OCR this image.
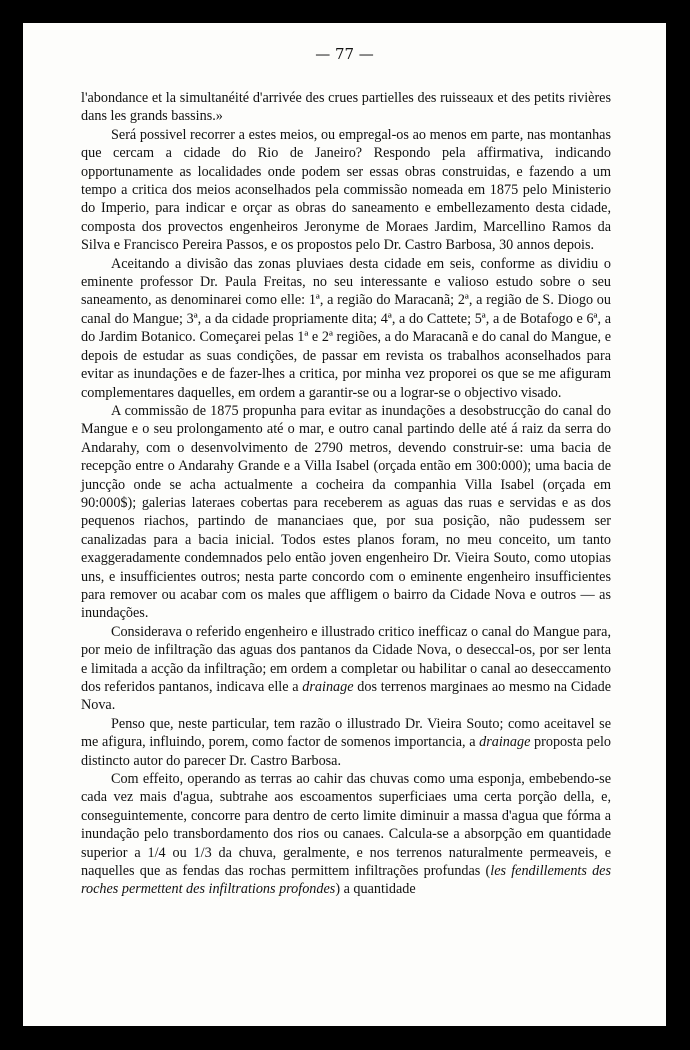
— 77 —

l'abondance et la simultanéité d'arrivée des crues partielles des ruisseaux et des petits rivières dans les grands bassins.»

Será possivel recorrer a estes meios, ou empregal-os ao menos em parte, nas montanhas que cercam a cidade do Rio de Janeiro? Respondo pela affirmativa, indicando opportunamente as localidades onde podem ser essas obras construidas, e fazendo a um tempo a critica dos meios aconselhados pela commissão nomeada em 1875 pelo Ministerio do Imperio, para indicar e orçar as obras do saneamento e embellezamento desta cidade, composta dos provectos engenheiros Jeronyme de Moraes Jardim, Marcellino Ramos da Silva e Francisco Pereira Passos, e os propostos pelo Dr. Castro Barbosa, 30 annos depois.

Aceitando a divisão das zonas pluviaes desta cidade em seis, conforme as dividiu o eminente professor Dr. Paula Freitas, no seu interessante e valioso estudo sobre o seu saneamento, as denominarei como elle: 1ª, a região do Maracanã; 2ª, a região de S. Diogo ou canal do Mangue; 3ª, a da cidade propriamente dita; 4ª, a do Cattete; 5ª, a de Botafogo e 6ª, a do Jardim Botanico. Começarei pelas 1ª e 2ª regiões, a do Maracanã e do canal do Mangue, e depois de estudar as suas condições, de passar em revista os trabalhos aconselhados para evitar as inundações e de fazer-lhes a critica, por minha vez proporei os que se me afiguram complementares daquelles, em ordem a garantir-se ou a lograr-se o objectivo visado.

A commissão de 1875 propunha para evitar as inundações a desobstrucção do canal do Mangue e o seu prolongamento até o mar, e outro canal partindo delle até á raiz da serra do Andarahy, com o desenvolvimento de 2790 metros, devendo construir-se: uma bacia de recepção entre o Andarahy Grande e a Villa Isabel (orçada então em 300:000); uma bacia de juncção onde se acha actualmente a cocheira da companhia Villa Isabel (orçada em 90:000$); galerias lateraes cobertas para receberem as aguas das ruas e servidas e as dos pequenos riachos, partindo de mananciaes que, por sua posição, não pudessem ser canalizadas para a bacia inicial. Todos estes planos foram, no meu conceito, um tanto exaggeradamente condemnados pelo então joven engenheiro Dr. Vieira Souto, como utopias uns, e insufficientes outros; nesta parte concordo com o eminente engenheiro insufficientes para remover ou acabar com os males que affligem o bairro da Cidade Nova e outros — as inundações.

Considerava o referido engenheiro e illustrado critico inefficaz o canal do Mangue para, por meio de infiltração das aguas dos pantanos da Cidade Nova, o deseccal-os, por ser lenta e limitada a acção da infiltração; em ordem a completar ou habilitar o canal ao deseccamento dos referidos pantanos, indicava elle a drainage dos terrenos marginaes ao mesmo na Cidade Nova.

Penso que, neste particular, tem razão o illustrado Dr. Vieira Souto; como aceitavel se me afigura, influindo, porem, como factor de somenos importancia, a drainage proposta pelo distincto autor do parecer Dr. Castro Barbosa.

Com effeito, operando as terras ao cahir das chuvas como uma esponja, embebendo-se cada vez mais d'agua, subtrahe aos escoamentos superficiaes uma certa porção della, e, conseguintemente, concorre para dentro de certo limite diminuir a massa d'agua que fórma a inundação pelo transbordamento dos rios ou canaes. Calcula-se a absorpção em quantidade superior a 1/4 ou 1/3 da chuva, geralmente, e nos terrenos naturalmente permeaveis, e naquelles que as fendas das rochas permittem infiltrações profundas (les fendillements des roches permettent des infiltrations profondes) a quantidade
